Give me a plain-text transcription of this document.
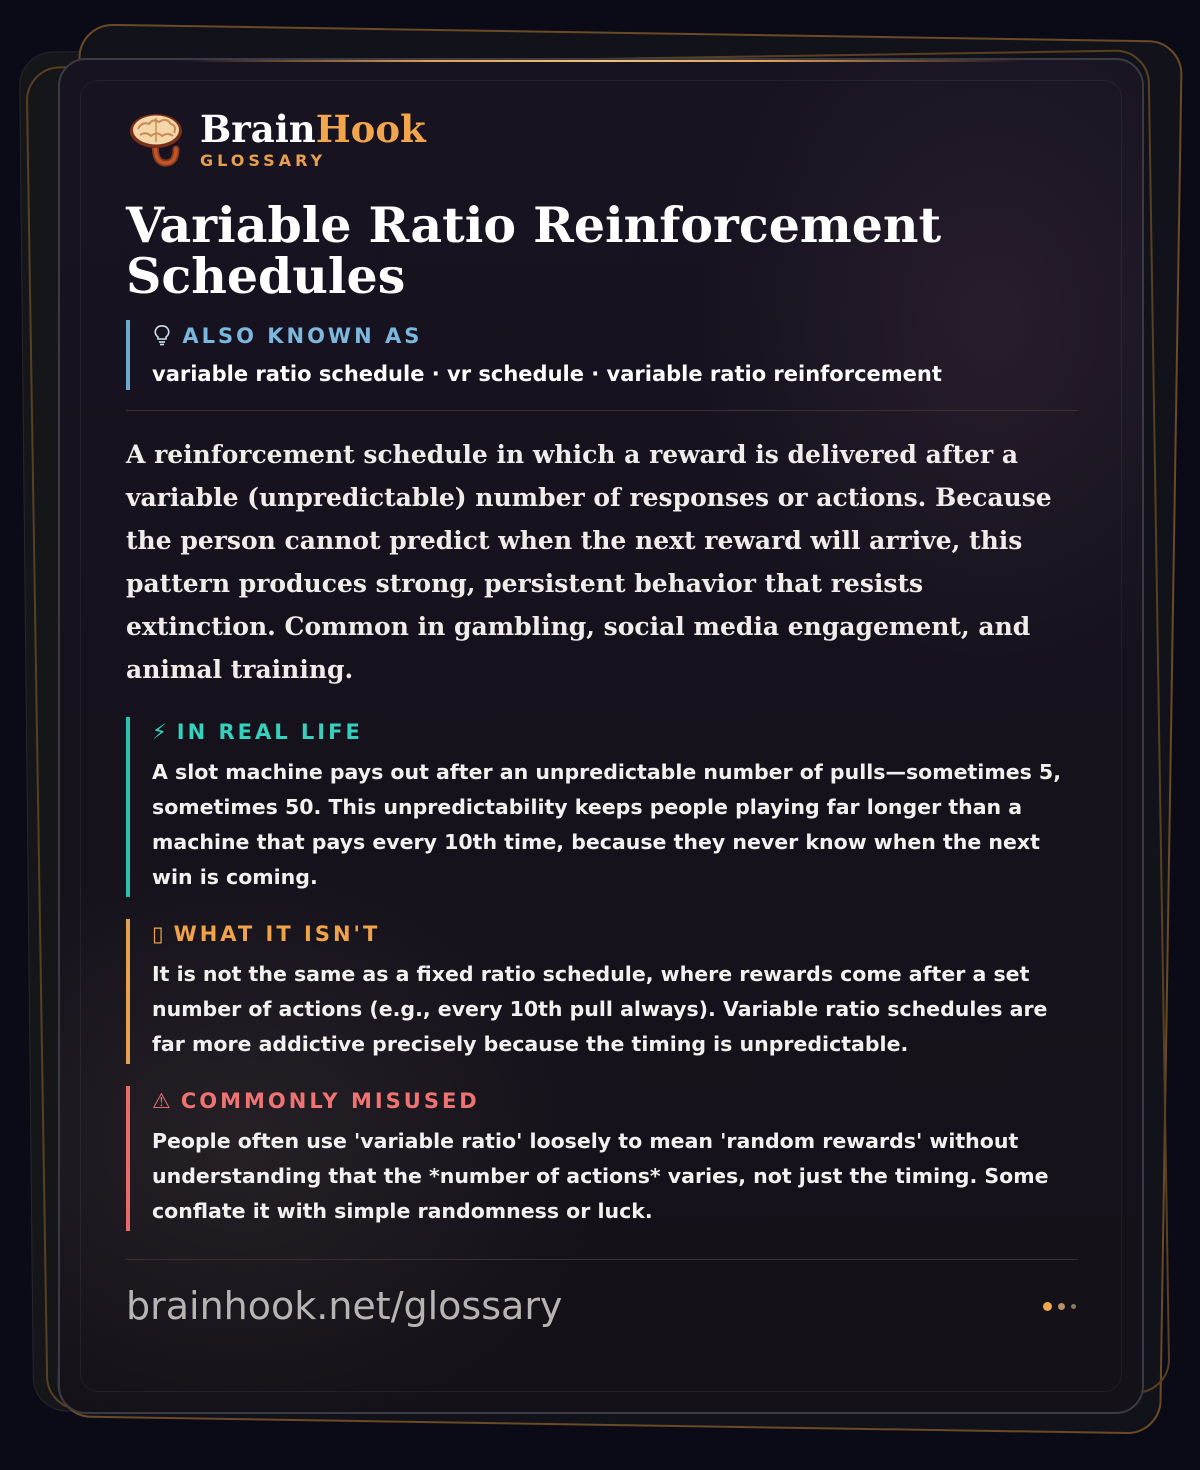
BrainHook
GLOSSARY
Variable Ratio Reinforcement Schedules
ALSO KNOWN AS
variable ratio schedule · vr schedule · variable ratio reinforcement
A reinforcement schedule in which a reward is delivered after a variable (unpredictable) number of responses or actions. Because the person cannot predict when the next reward will arrive, this pattern produces strong, persistent behavior that resists extinction. Common in gambling, social media engagement, and animal training.
⚡ IN REAL LIFE
A slot machine pays out after an unpredictable number of pulls—sometimes 5, sometimes 50. This unpredictability keeps people playing far longer than a machine that pays every 10th time, because they never know when the next win is coming.
▯ WHAT IT ISN'T
It is not the same as a fixed ratio schedule, where rewards come after a set number of actions (e.g., every 10th pull always). Variable ratio schedules are far more addictive precisely because the timing is unpredictable.
⚠ COMMONLY MISUSED
People often use 'variable ratio' loosely to mean 'random rewards' without understanding that the *number of actions* varies, not just the timing. Some conflate it with simple randomness or luck.
brainhook.net/glossary
